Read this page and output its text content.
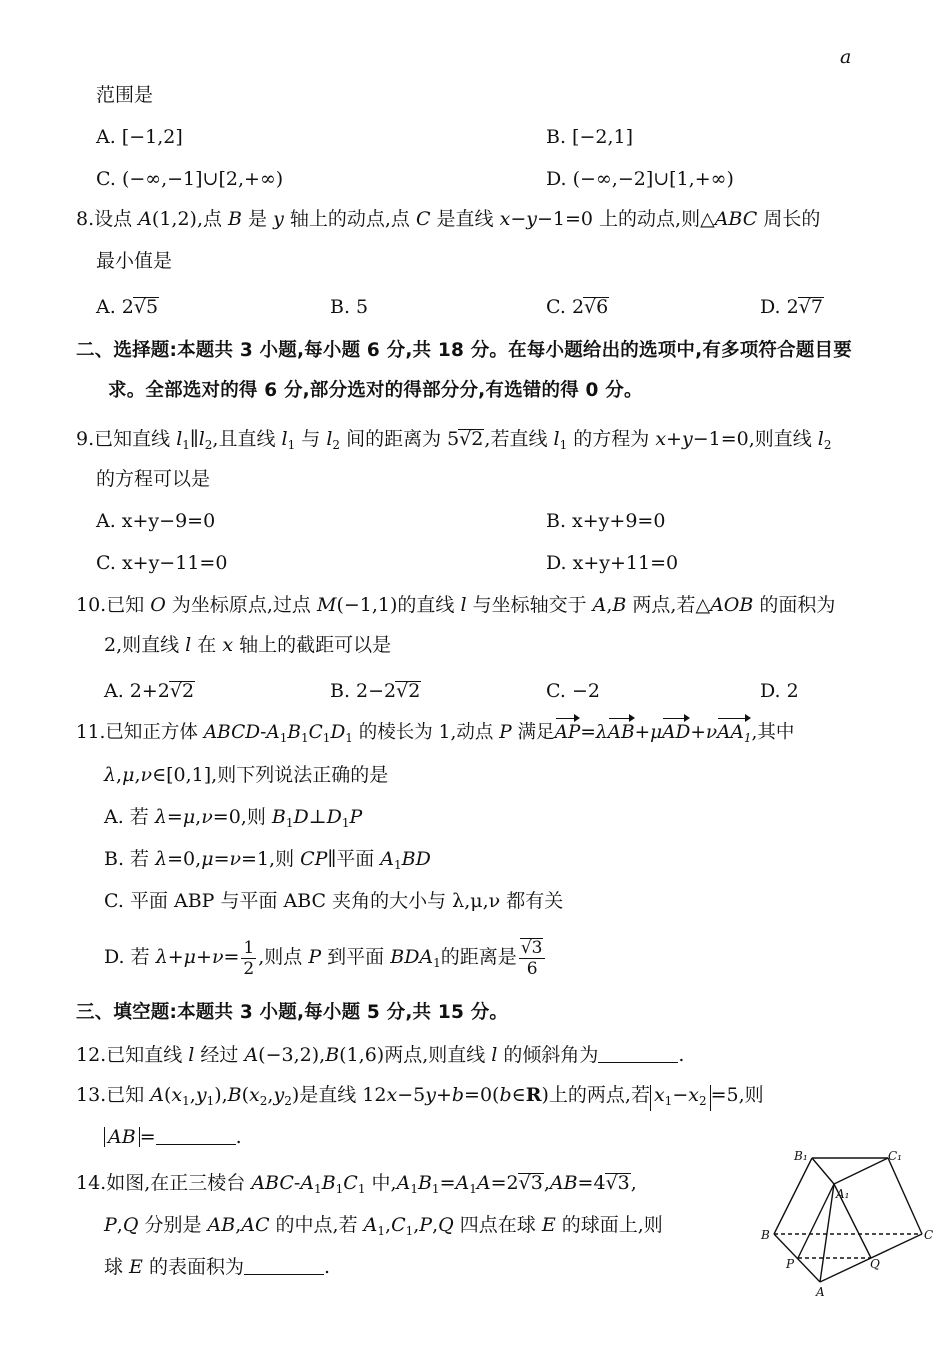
a
范围是
A. [−1,2]	B. [−2,1]
C. (−∞,−1]∪[2,+∞)	D. (−∞,−2]∪[1,+∞)
8.设点 A(1,2),点 B 是 y 轴上的动点,点 C 是直线 x−y−1=0 上的动点,则△ABC 周长的
最小值是
A. 2√5	B. 5	C. 2√6	D. 2√7
二、选择题:本题共 3 小题,每小题 6 分,共 18 分。在每小题给出的选项中,有多项符合题目要
求。全部选对的得 6 分,部分选对的得部分分,有选错的得 0 分。
9.已知直线 $l_1\parallel l_2$,且直线 $l_1$ 与 $l_2$ 间的距离为 5√2,若直线 $l_1$ 的方程为 x+y−1=0,则直线 $l_2$
的方程可以是
A. x+y−9=0	B. x+y+9=0
C. x+y−11=0	D. x+y+11=0
10.已知 O 为坐标原点,过点 M(−1,1)的直线 l 与坐标轴交于 A,B 两点,若△AOB 的面积为
2,则直线 l 在 x 轴上的截距可以是
A. 2+2√2	B. 2−2√2	C. −2	D. 2
11.已知正方体 ABCD-$A_1B_1C_1D_1$ 的棱长为 1,动点 P 满足AP=λAB+μAD+νAA$_1$,其中
λ,μ,ν∈[0,1],则下列说法正确的是
A. 若 λ=μ,ν=0,则 $B_1D\perp D_1P$
B. 若 λ=0,μ=ν=1,则 CP∥平面 $A_1BD$
C. 平面 ABP 与平面 ABC 夹角的大小与 λ,μ,ν 都有关
D. 若 $\lambda+\mu+\nu= \frac{1}{2}$ ,则点 P 到平面 $BDA_1$的距离是 $\frac{√3}{6}$
三、填空题:本题共 3 小题,每小题 5 分,共 15 分。
12.已知直线 l 经过 A(−3,2),B(1,6)两点,则直线 l 的倾斜角为	.
13.已知 $A(x_1,y_1),B(x_2,y_2)$是直线 12x−5y+b=0(b∈R)上的两点,若 $x_1-x_2 =5$,则
AB =	.
14.如图,在正三棱台 ABC-$A_1B_1C_1$ 中$,A_1B_1=A_1A=2√3,AB=4√3$,
P,Q 分别是 AB,AC 的中点,若 $A_1,C_1,P,Q$ 四点在球 E 的球面上,则
球 E 的表面积为	.
B₁	C₁
A₁
B	C
P	Q
A
